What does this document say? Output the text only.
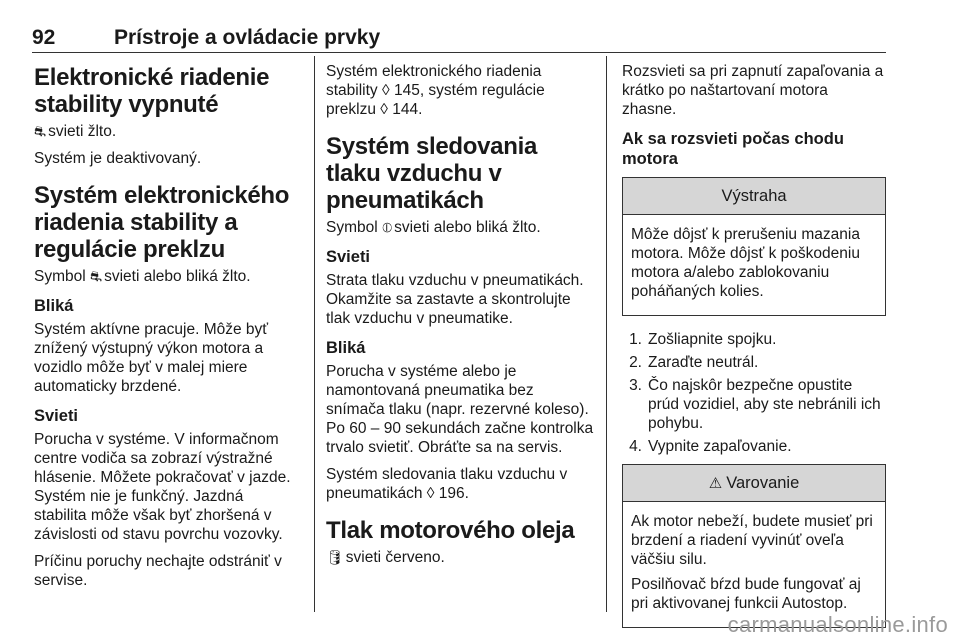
92	Prístroje a ovládacie prvky
Elektronické riadenie stability vypnuté

⛐ svieti žlto.

Systém je deaktivovaný.

Systém elektronického riadenia stability a regulácie preklzu

Symbol ⛐ svieti alebo bliká žlto.

Bliká

Systém aktívne pracuje. Môže byť znížený výstupný výkon motora a vozidlo môže byť v malej miere automaticky brzdené.

Svieti

Porucha v systéme. V informačnom centre vodiča sa zobrazí výstražné hlásenie. Môžete pokračovať v jazde. Systém nie je funkčný. Jazdná stabilita môže však byť zhoršená v závislosti od stavu povrchu vozovky.

Príčinu poruchy nechajte odstrániť v servise.

Systém elektronického riadenia stability ◊ 145, systém regulácie preklzu ◊ 144.

Systém sledovania tlaku vzduchu v pneumatikách

Symbol ⦶ svieti alebo bliká žlto.

Svieti

Strata tlaku vzduchu v pneumatikách. Okamžite sa zastavte a skontrolujte tlak vzduchu v pneumatike.

Bliká

Porucha v systéme alebo je namontovaná pneumatika bez snímača tlaku (napr. rezervné koleso). Po 60 – 90 sekundách začne kontrolka trvalo svietiť. Obráťte sa na servis.

Systém sledovania tlaku vzduchu v pneumatikách ◊ 196.

Tlak motorového oleja

🛢 svieti červeno.

Rozsvieti sa pri zapnutí zapaľovania a krátko po naštartovaní motora zhasne.

Ak sa rozsvieti počas chodu motora
Výstraha

Môže dôjsť k prerušeniu mazania motora. Môže dôjsť k poškodeniu motora a/alebo zablokovaniu poháňaných kolies.

1. Zošliapnite spojku.
2. Zaraďte neutrál.
3. Čo najskôr bezpečne opustite prúd vozidiel, aby ste nebránili ich pohybu.
4. Vypnite zapaľovanie.
⚠ Varovanie

Ak motor nebeží, budete musieť pri brzdení a riadení vyvinúť oveľa väčšiu silu.

Posilňovač bŕzd bude fungovať aj pri aktivovanej funkcii Autostop.

carmanualsonline.info
